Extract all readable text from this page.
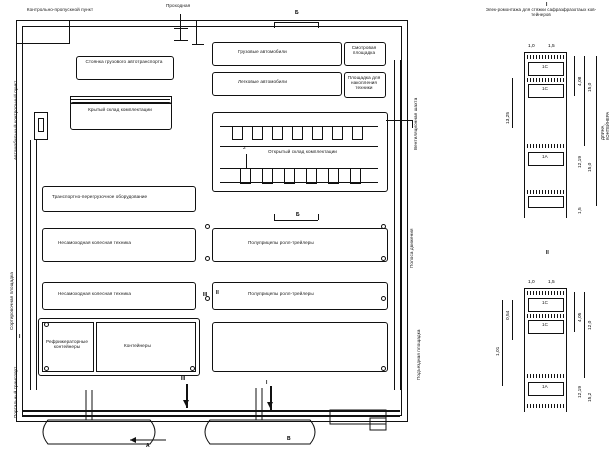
Контрольно-пропускной пункт
Проходная
Б
Стоянка грузового автотранспорта
Крытый склад комплектации
Автомобильный контрольный пункт
Грузовые автомобили
Легковые автомобили
Смотровая площадка
Площадка для накопления техники
Открытый склад комплектации
2
Транспортно-перегрузочное оборудование
Несамоходная колесная техника	Полуприцепы ролл-трейлеры
Несамоходная колесная техника	Полуприцепы ролл-трейлеры
Рефрижераторные контейнеры	Контейнеры
Сортировочная площадка
Вентиляционная шахта
Полоса движения
Подъездная площадка
Портальный транспорт
Б
II
III
III
I
I
А
В
Элек-ромонтажа для стяжки сафразфразотаых ков-тейнеров
I
1C
1C
1A
1,0	1,5
4,08
15,0
ДЛИНА КОНТЕЙНЕРА
13,25
12,19 15,0
1,5
II
1C
1C
1A
1,0	1,5
0,54
1,01
4,05
12,0
12,19 15,2
